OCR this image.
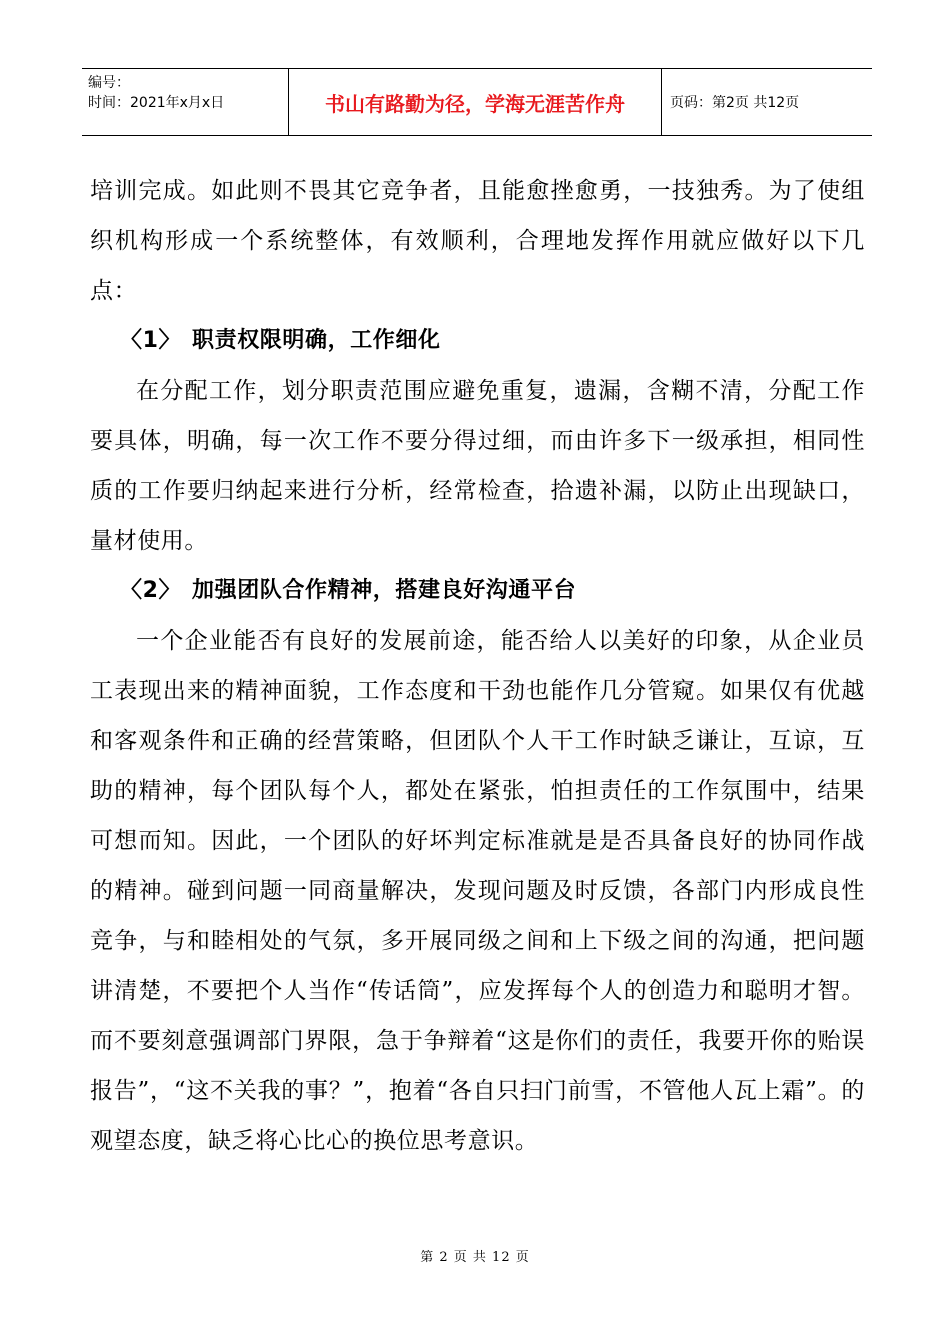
编号：
时间：2021年x月x日	书山有路勤为径，学海无涯苦作舟	页码：第2页 共12页

培训完成。如此则不畏其它竞争者，且能愈挫愈勇，一技独秀。为了使组织机构形成一个系统整体，有效顺利，合理地发挥作用就应做好以下几点：

〈1〉 职责权限明确，工作细化

在分配工作，划分职责范围应避免重复，遗漏，含糊不清，分配工作要具体，明确，每一次工作不要分得过细，而由许多下一级承担，相同性质的工作要归纳起来进行分析，经常检查，拾遗补漏，以防止出现缺口，量材使用。

〈2〉 加强团队合作精神，搭建良好沟通平台

一个企业能否有良好的发展前途，能否给人以美好的印象，从企业员工表现出来的精神面貌，工作态度和干劲也能作几分管窥。如果仅有优越和客观条件和正确的经营策略，但团队个人干工作时缺乏谦让，互谅，互助的精神，每个团队每个人，都处在紧张，怕担责任的工作氛围中，结果可想而知。因此，一个团队的好坏判定标准就是是否具备良好的协同作战的精神。碰到问题一同商量解决，发现问题及时反馈，各部门内形成良性竞争，与和睦相处的气氛，多开展同级之间和上下级之间的沟通，把问题讲清楚，不要把个人当作“传话筒”，应发挥每个人的创造力和聪明才智。而不要刻意强调部门界限，急于争辩着“这是你们的责任，我要开你的贻误报告”，“这不关我的事？”，抱着“各自只扫门前雪，不管他人瓦上霜”。的观望态度，缺乏将心比心的换位思考意识。

第 2 页 共 12 页
